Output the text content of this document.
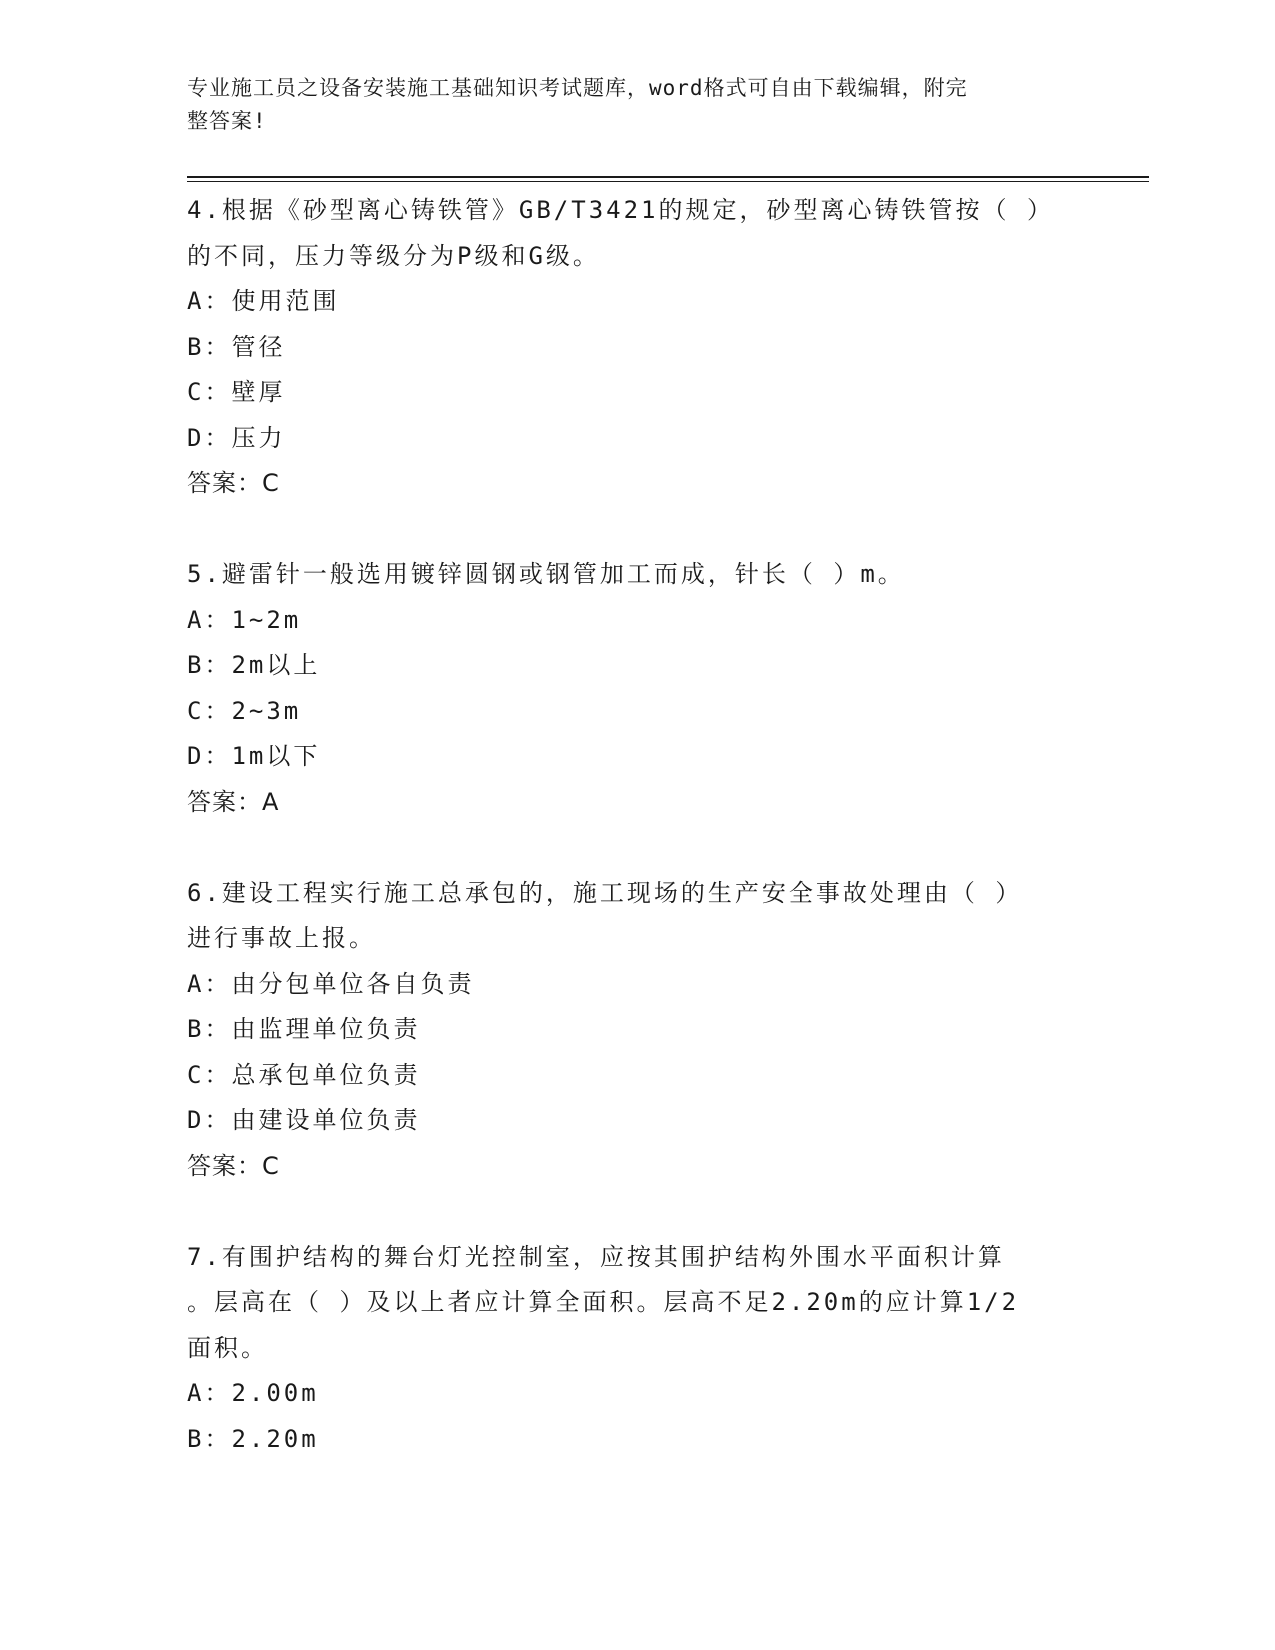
专业施工员之设备安装施工基础知识考试题库，word格式可自由下载编辑，附完
整答案!
4.根据《砂型离心铸铁管》GB/T3421的规定，砂型离心铸铁管按（ ）
的不同，压力等级分为P级和G级。
A：使用范围
B：管径
C：壁厚
D：压力
答案：C
5.避雷针一般选用镀锌圆钢或钢管加工而成，针长（ ）m。
A：1~2m
B：2m以上
C：2~3m
D：1m以下
答案：A
6.建设工程实行施工总承包的，施工现场的生产安全事故处理由（ ）
进行事故上报。
A：由分包单位各自负责
B：由监理单位负责
C：总承包单位负责
D：由建设单位负责
答案：C
7.有围护结构的舞台灯光控制室，应按其围护结构外围水平面积计算
。层高在（ ）及以上者应计算全面积。层高不足2.20m的应计算1/2
面积。
A：2.00m
B：2.20m
